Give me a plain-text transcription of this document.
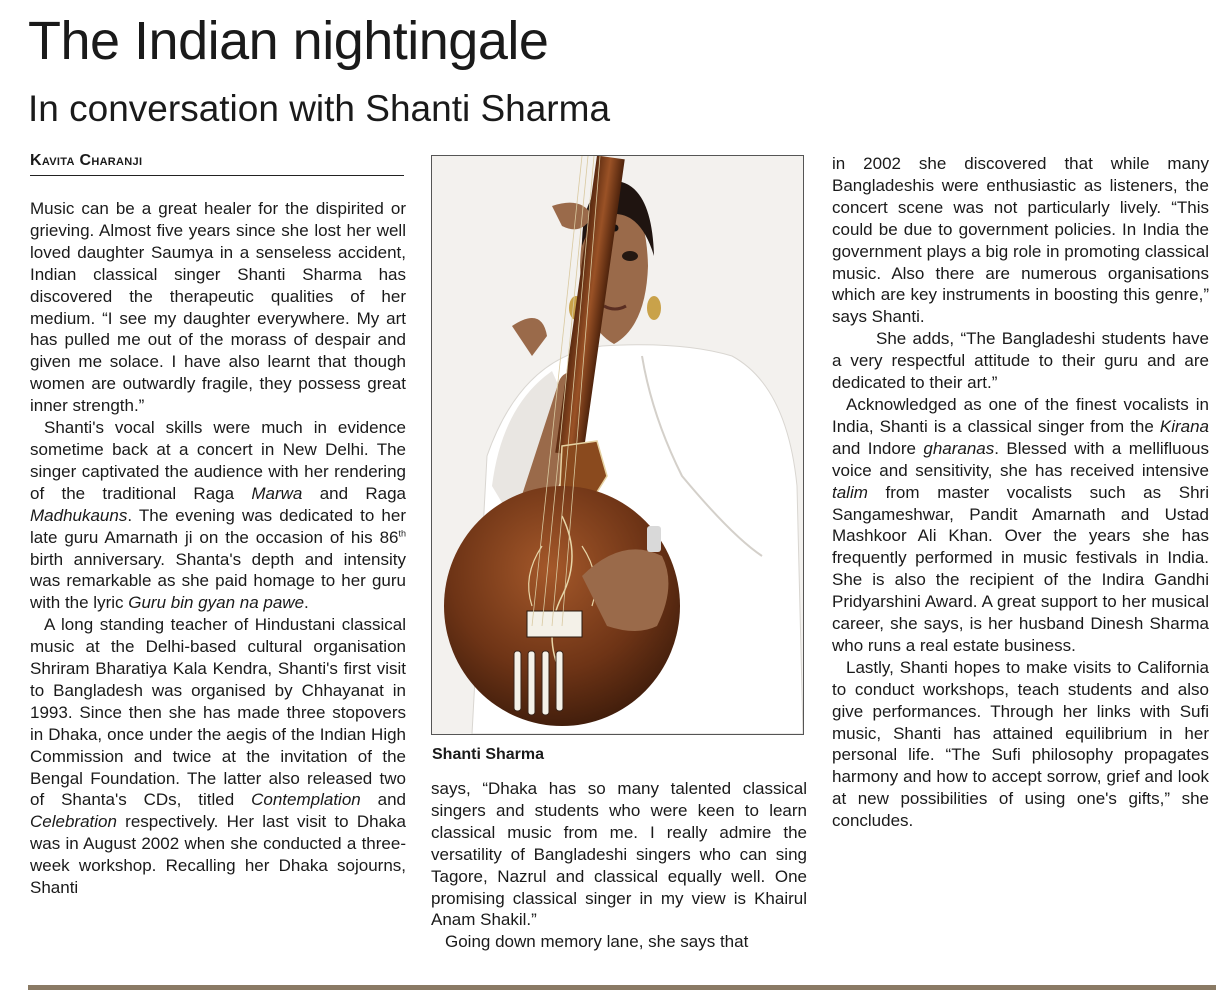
The Indian nightingale
In conversation with Shanti Sharma
Kavita Charanji

Music can be a great healer for the dispirited or grieving. Almost five years since she lost her well loved daughter Saumya in a senseless accident, Indian classical singer Shanti Sharma has discovered the therapeutic qualities of her medium. “I see my daughter everywhere. My art has pulled me out of the morass of despair and given me solace. I have also learnt that though women are outwardly fragile, they possess great inner strength.”

Shanti's vocal skills were much in evidence sometime back at a concert in New Delhi. The singer captivated the audience with her rendering of the traditional Raga Marwa and Raga Madhukauns. The evening was dedicated to her late guru Amarnath ji on the occasion of his 86th birth anniversary. Shanta's depth and intensity was remarkable as she paid homage to her guru with the lyric Guru bin gyan na pawe.

A long standing teacher of Hindustani classical music at the Delhi-based cultural organisation Shriram Bharatiya Kala Kendra, Shanti's first visit to Bangladesh was organised by Chhayanat in 1993. Since then she has made three stopovers in Dhaka, once under the aegis of the Indian High Commission and twice at the invitation of the Bengal Foundation. The latter also released two of Shanta's CDs, titled Contemplation and Celebration respectively. Her last visit to Dhaka was in August 2002 when she conducted a three- week workshop. Recalling her Dhaka sojourns, Shanti

Shanti Sharma

says, “Dhaka has so many talented classical singers and students who were keen to learn classical music from me. I really admire the versatility of Bangladeshi singers who can sing Tagore, Nazrul and classical equally well. One promising classical singer in my view is Khairul Anam Shakil.”

Going down memory lane, she says that

in 2002 she discovered that while many Bangladeshis were enthusiastic as listeners, the concert scene was not particularly lively. “This could be due to government policies. In India the government plays a big role in promoting classical music. Also there are numerous organisations which are key instruments in boosting this genre,” says Shanti.

She adds, “The Bangladeshi students have a very respectful attitude to their guru and are dedicated to their art.”

Acknowledged as one of the finest vocalists in India, Shanti is a classical singer from the Kirana and Indore gharanas. Blessed with a mellifluous voice and sensitivity, she has received intensive talim from master vocalists such as Shri Sangameshwar, Pandit Amarnath and Ustad Mashkoor Ali Khan. Over the years she has frequently performed in music festivals in India. She is also the recipient of the Indira Gandhi Pridyarshini Award. A great support to her musical career, she says, is her husband Dinesh Sharma who runs a real estate business.

Lastly, Shanti hopes to make visits to California to conduct workshops, teach students and also give performances. Through her links with Sufi music, Shanti has attained equilibrium in her personal life. “The Sufi philosophy propagates harmony and how to accept sorrow, grief and look at new possibilities of using one's gifts,” she concludes.
